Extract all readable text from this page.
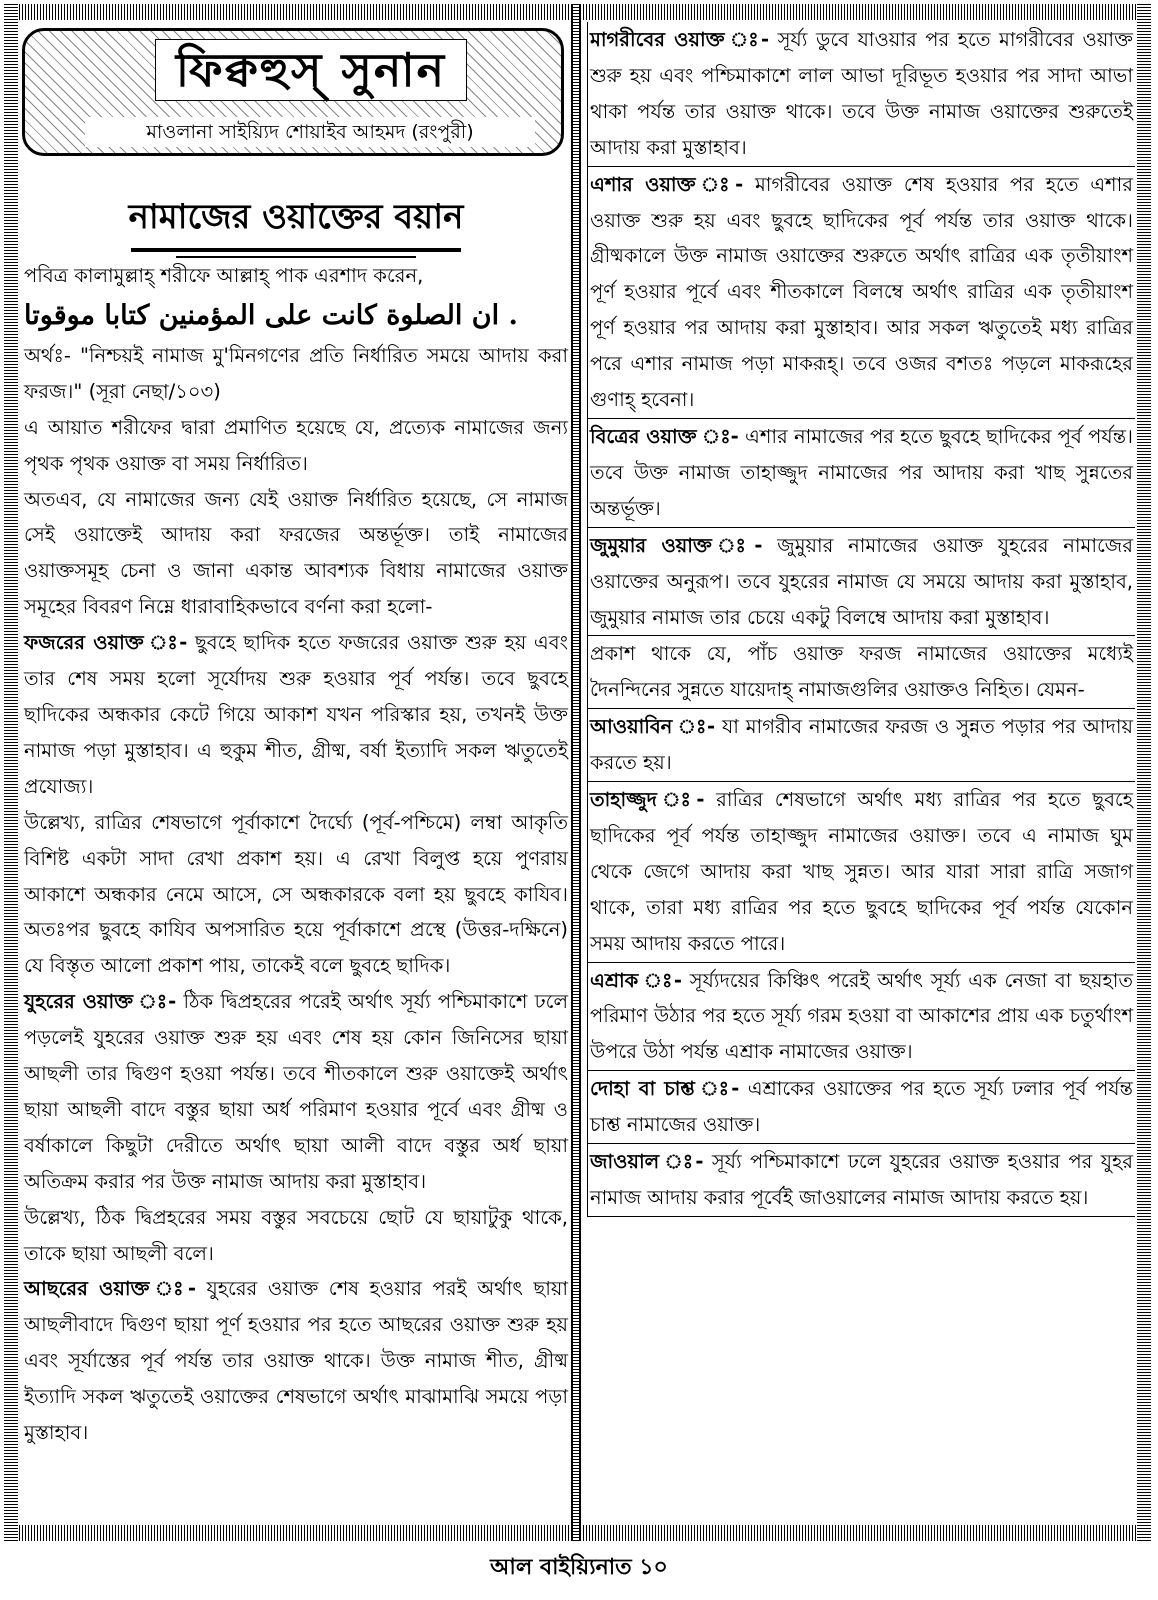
ফিক্বহুস্ সুনান
মাওলানা সাইয়্যিদ শোয়াইব আহমদ (রংপুরী)
নামাজের ওয়াক্তের বয়ান

পবিত্র কালামুল্লাহ্ শরীফে আল্লাহ্ পাক এরশাদ করেন,

ان الصلوة كانت على المؤمنين كتابا موقوتا .

অর্থঃ- "নিশ্চয়ই নামাজ মু'মিনগণের প্রতি নির্ধারিত সময়ে আদায় করা ফরজ।" (সূরা নেছা/১০৩)

এ আয়াত শরীফের দ্বারা প্রমাণিত হয়েছে যে, প্রত্যেক নামাজের জন্য পৃথক পৃথক ওয়াক্ত বা সময় নির্ধারিত।

অতএব, যে নামাজের জন্য যেই ওয়াক্ত নির্ধারিত হয়েছে, সে নামাজ সেই ওয়াক্তেই আদায় করা ফরজের অন্তর্ভূক্ত। তাই নামাজের ওয়াক্তসমূহ চেনা ও জানা একান্ত আবশ্যক বিধায় নামাজের ওয়াক্ত সমূহের বিবরণ নিম্নে ধারাবাহিকভাবে বর্ণনা করা হলো-

ফজরের ওয়াক্ত ঃ- ছুবহে ছাদিক হতে ফজরের ওয়াক্ত শুরু হয় এবং তার শেষ সময় হলো সূর্যোদয় শুরু হওয়ার পূর্ব পর্যন্ত। তবে ছুবহে ছাদিকের অন্ধকার কেটে গিয়ে আকাশ যখন পরিস্কার হয়, তখনই উক্ত নামাজ পড়া মুস্তাহাব। এ হুকুম শীত, গ্রীষ্ম, বর্ষা ইত্যাদি সকল ঋতুতেই প্রযোজ্য।

উল্লেখ্য, রাত্রির শেষভাগে পূর্বাকাশে দৈর্ঘ্যে (পূর্ব-পশ্চিমে) লম্বা আকৃতি বিশিষ্ট একটা সাদা রেখা প্রকাশ হয়। এ রেখা বিলুপ্ত হয়ে পুণরায় আকাশে অন্ধকার নেমে আসে, সে অন্ধকারকে বলা হয় ছুবহে কাযিব। অতঃপর ছুবহে কাযিব অপসারিত হয়ে পূর্বাকাশে প্রস্থে (উত্তর-দক্ষিনে) যে বিস্তৃত আলো প্রকাশ পায়, তাকেই বলে ছুবহে ছাদিক।

যুহরের ওয়াক্ত ঃ- ঠিক দ্বিপ্রহরের পরেই অর্থাৎ সূর্য্য পশ্চিমাকাশে ঢলে পড়লেই যুহরের ওয়াক্ত শুরু হয় এবং শেষ হয় কোন জিনিসের ছায়া আছলী তার দ্বিগুণ হওয়া পর্যন্ত। তবে শীতকালে শুরু ওয়াক্তেই অর্থাৎ ছায়া আছলী বাদে বস্তুর ছায়া অর্ধ পরিমাণ হওয়ার পূর্বে এবং গ্রীষ্ম ও বর্ষাকালে কিছুটা দেরীতে অর্থাৎ ছায়া আলী বাদে বস্তুর অর্ধ ছায়া অতিক্রম করার পর উক্ত নামাজ আদায় করা মুস্তাহাব।

উল্লেখ্য, ঠিক দ্বিপ্রহরের সময় বস্তুর সবচেয়ে ছোট যে ছায়াটুকু থাকে, তাকে ছায়া আছলী বলে।

আছরের ওয়াক্ত ঃ- যুহরের ওয়াক্ত শেষ হওয়ার পরই অর্থাৎ ছায়া আছলীবাদে দ্বিগুণ ছায়া পূর্ণ হওয়ার পর হতে আছরের ওয়াক্ত শুরু হয় এবং সূর্যাস্তের পূর্ব পর্যন্ত তার ওয়াক্ত থাকে। উক্ত নামাজ শীত, গ্রীষ্ম ইত্যাদি সকল ঋতুতেই ওয়াক্তের শেষভাগে অর্থাৎ মাঝামাঝি সময়ে পড়া মুস্তাহাব।

মাগরীবের ওয়াক্ত ঃ- সূর্য্য ডুবে যাওয়ার পর হতে মাগরীবের ওয়াক্ত শুরু হয় এবং পশ্চিমাকাশে লাল আভা দূরিভূত হওয়ার পর সাদা আভা থাকা পর্যন্ত তার ওয়াক্ত থাকে। তবে উক্ত নামাজ ওয়াক্তের শুরুতেই আদায় করা মুস্তাহাব।

এশার ওয়াক্ত ঃ- মাগরীবের ওয়াক্ত শেষ হওয়ার পর হতে এশার ওয়াক্ত শুরু হয় এবং ছুবহে ছাদিকের পূর্ব পর্যন্ত তার ওয়াক্ত থাকে। গ্রীষ্মকালে উক্ত নামাজ ওয়াক্তের শুরুতে অর্থাৎ রাত্রির এক তৃতীয়াংশ পূর্ণ হওয়ার পূর্বে এবং শীতকালে বিলম্বে অর্থাৎ রাত্রির এক তৃতীয়াংশ পূর্ণ হওয়ার পর আদায় করা মুস্তাহাব। আর সকল ঋতুতেই মধ্য রাত্রির পরে এশার নামাজ পড়া মাকরূহ্। তবে ওজর বশতঃ পড়লে মাকরূহের গুণাহ্ হবেনা।

বিত্রের ওয়াক্ত ঃ- এশার নামাজের পর হতে ছুবহে ছাদিকের পূর্ব পর্যন্ত। তবে উক্ত নামাজ তাহাজ্জুদ নামাজের পর আদায় করা খাছ সুন্নতের অন্তর্ভূক্ত।

জুমুয়ার ওয়াক্ত ঃ- জুমুয়ার নামাজের ওয়াক্ত যুহরের নামাজের ওয়াক্তের অনুরূপ। তবে যুহরের নামাজ যে সময়ে আদায় করা মুস্তাহাব, জুমুয়ার নামাজ তার চেয়ে একটু বিলম্বে আদায় করা মুস্তাহাব।

প্রকাশ থাকে যে, পাঁচ ওয়াক্ত ফরজ নামাজের ওয়াক্তের মধ্যেই দৈনন্দিনের সুন্নতে যায়েদাহ্ নামাজগুলির ওয়াক্তও নিহিত। যেমন-

আওয়াবিন ঃ- যা মাগরীব নামাজের ফরজ ও সুন্নত পড়ার পর আদায় করতে হয়।

তাহাজ্জুদ ঃ- রাত্রির শেষভাগে অর্থাৎ মধ্য রাত্রির পর হতে ছুবহে ছাদিকের পূর্ব পর্যন্ত তাহাজ্জুদ নামাজের ওয়াক্ত। তবে এ নামাজ ঘুম থেকে জেগে আদায় করা খাছ সুন্নত। আর যারা সারা রাত্রি সজাগ থাকে, তারা মধ্য রাত্রির পর হতে ছুবহে ছাদিকের পূর্ব পর্যন্ত যেকোন সময় আদায় করতে পারে।

এশ্রাক ঃ- সূর্য্যদয়ের কিঞ্চিৎ পরেই অর্থাৎ সূর্য্য এক নেজা বা ছয়হাত পরিমাণ উঠার পর হতে সূর্য্য গরম হওয়া বা আকাশের প্রায় এক চতুর্থাংশ উপরে উঠা পর্যন্ত এশ্রাক নামাজের ওয়াক্ত।

দোহা বা চাশ্ত ঃ- এশ্রাকের ওয়াক্তের পর হতে সূর্য্য ঢলার পূর্ব পর্যন্ত চাশ্ত নামাজের ওয়াক্ত।

জাওয়াল ঃ- সূর্য্য পশ্চিমাকাশে ঢলে যুহরের ওয়াক্ত হওয়ার পর যুহর নামাজ আদায় করার পূর্বেই জাওয়ালের নামাজ আদায় করতে হয়।

আল বাইয়্যিনাত ১০
